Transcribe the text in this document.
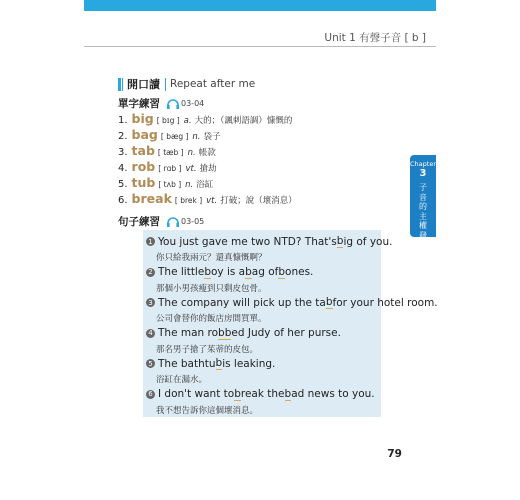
Unit 1 有聲子音 [ b ]
開口讀 Repeat after me
單字練習	03-04
1. big [ bɪg ] a. 大的；（諷刺語調）慷慨的
2. bag [ bæg ] n. 袋子
3. tab [ tæb ] n. 帳款
4. rob [ rɑb ] vt. 搶劫
5. tub [ tʌb ] n. 浴缸
6. break [ brek ] vt. 打破；說（壞消息）
Chapter
3
子音的主權發音
句子練習	03-05
1 You just gave me two NTD? That's b ig of you.
你只給我兩元？還真慷慨啊？
2 The little b oy is a b ag of b ones.
那個小男孩瘦到只剩皮包骨。
3 The company will pick up the ta b for your hotel room.
公司會替你的飯店房間買單。
4 The man ro bb ed Judy of her purse.
那名男子搶了茱蒂的皮包。
5 The bathtu b is leaking.
浴缸在漏水。
6 I don't want to b reak the b ad news to you.
我不想告訴你這個壞消息。
79
